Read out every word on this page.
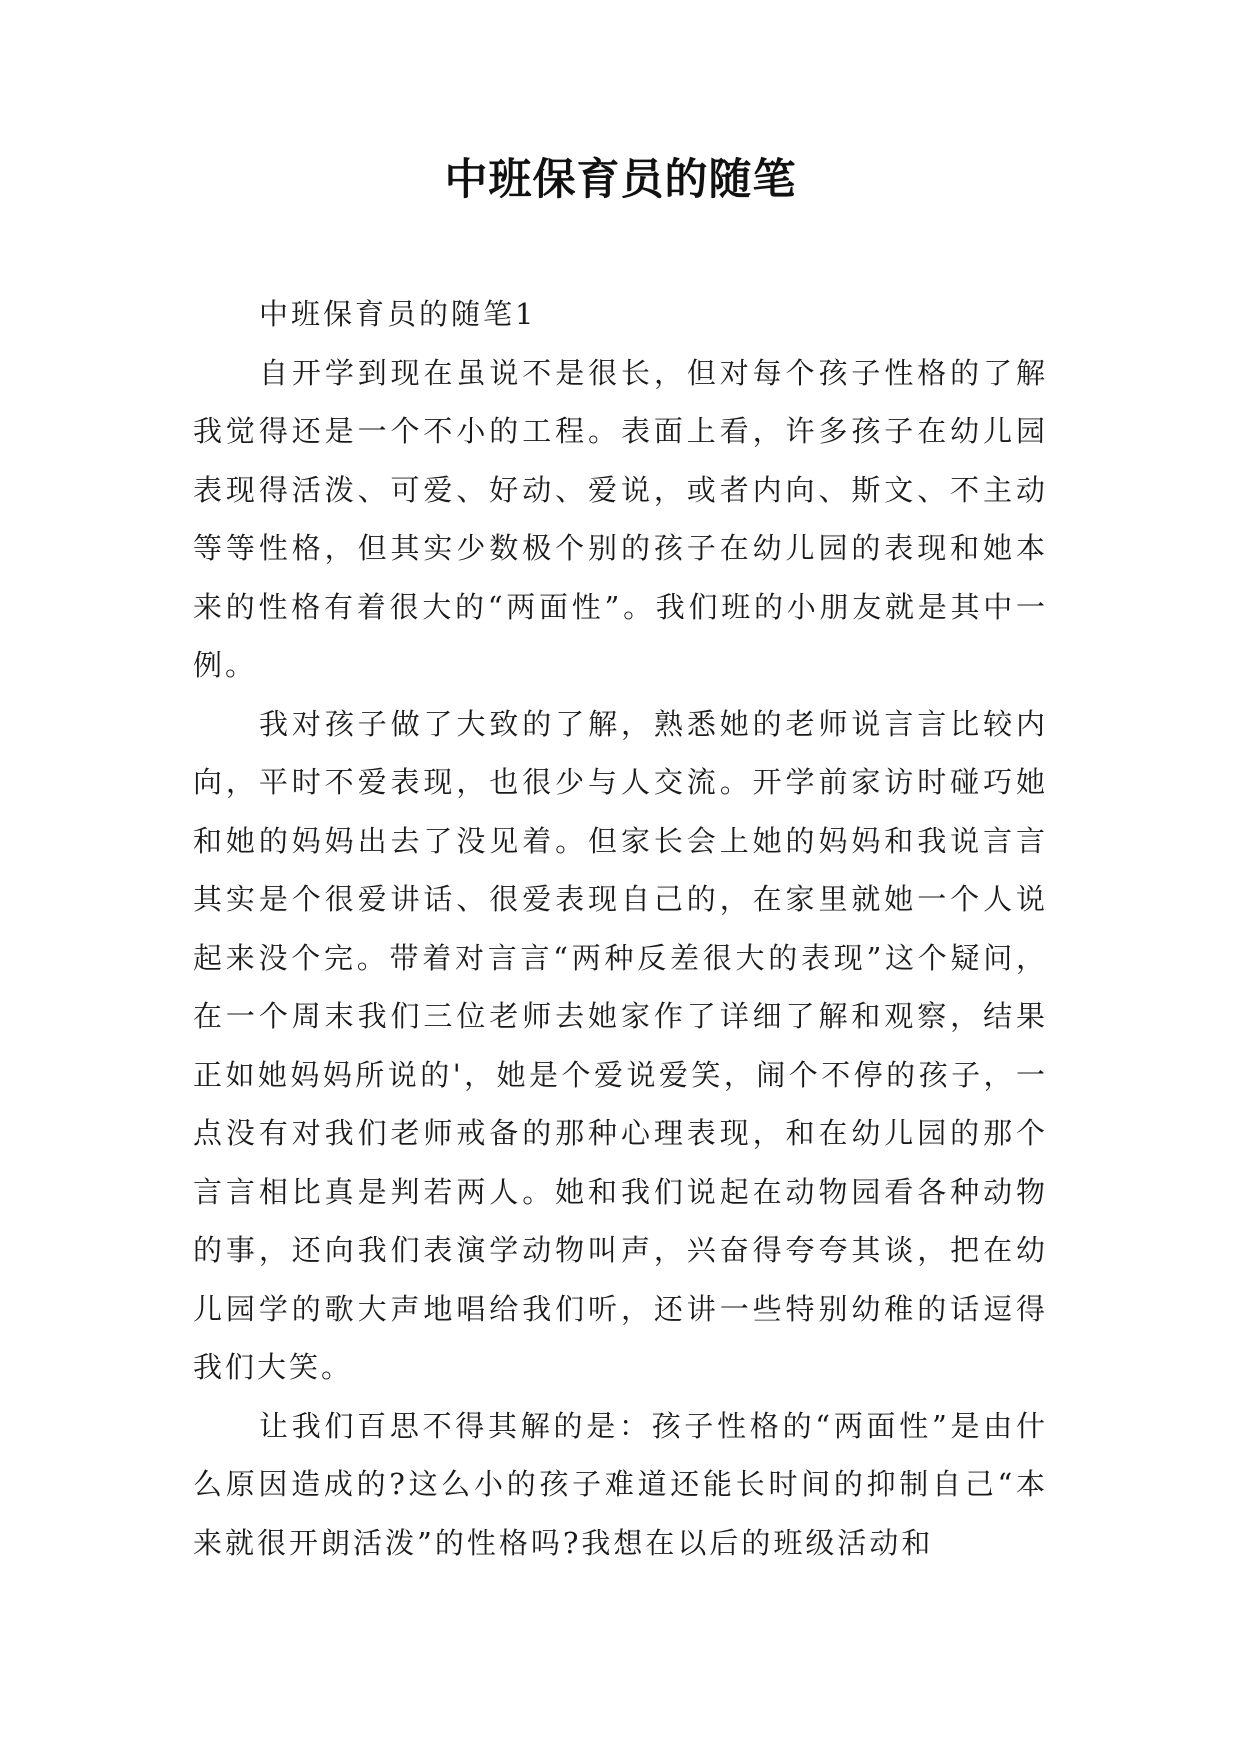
中班保育员的随笔

中班保育员的随笔1

自开学到现在虽说不是很长，但对每个孩子性格的了解我觉得还是一个不小的工程。表面上看，许多孩子在幼儿园表现得活泼、可爱、好动、爱说，或者内向、斯文、不主动等等性格，但其实少数极个别的孩子在幼儿园的表现和她本来的性格有着很大的“两面性”。我们班的小朋友就是其中一例。

我对孩子做了大致的了解，熟悉她的老师说言言比较内向，平时不爱表现，也很少与人交流。开学前家访时碰巧她和她的妈妈出去了没见着。但家长会上她的妈妈和我说言言其实是个很爱讲话、很爱表现自己的，在家里就她一个人说起来没个完。带着对言言“两种反差很大的表现”这个疑问，在一个周末我们三位老师去她家作了详细了解和观察，结果正如她妈妈所说的'，她是个爱说爱笑，闹个不停的孩子，一点没有对我们老师戒备的那种心理表现，和在幼儿园的那个言言相比真是判若两人。她和我们说起在动物园看各种动物的事，还向我们表演学动物叫声，兴奋得夸夸其谈，把在幼儿园学的歌大声地唱给我们听，还讲一些特别幼稚的话逗得我们大笑。

让我们百思不得其解的是：孩子性格的“两面性”是由什么原因造成的?这么小的孩子难道还能长时间的抑制自己“本来就很开朗活泼”的性格吗?我想在以后的班级活动和
